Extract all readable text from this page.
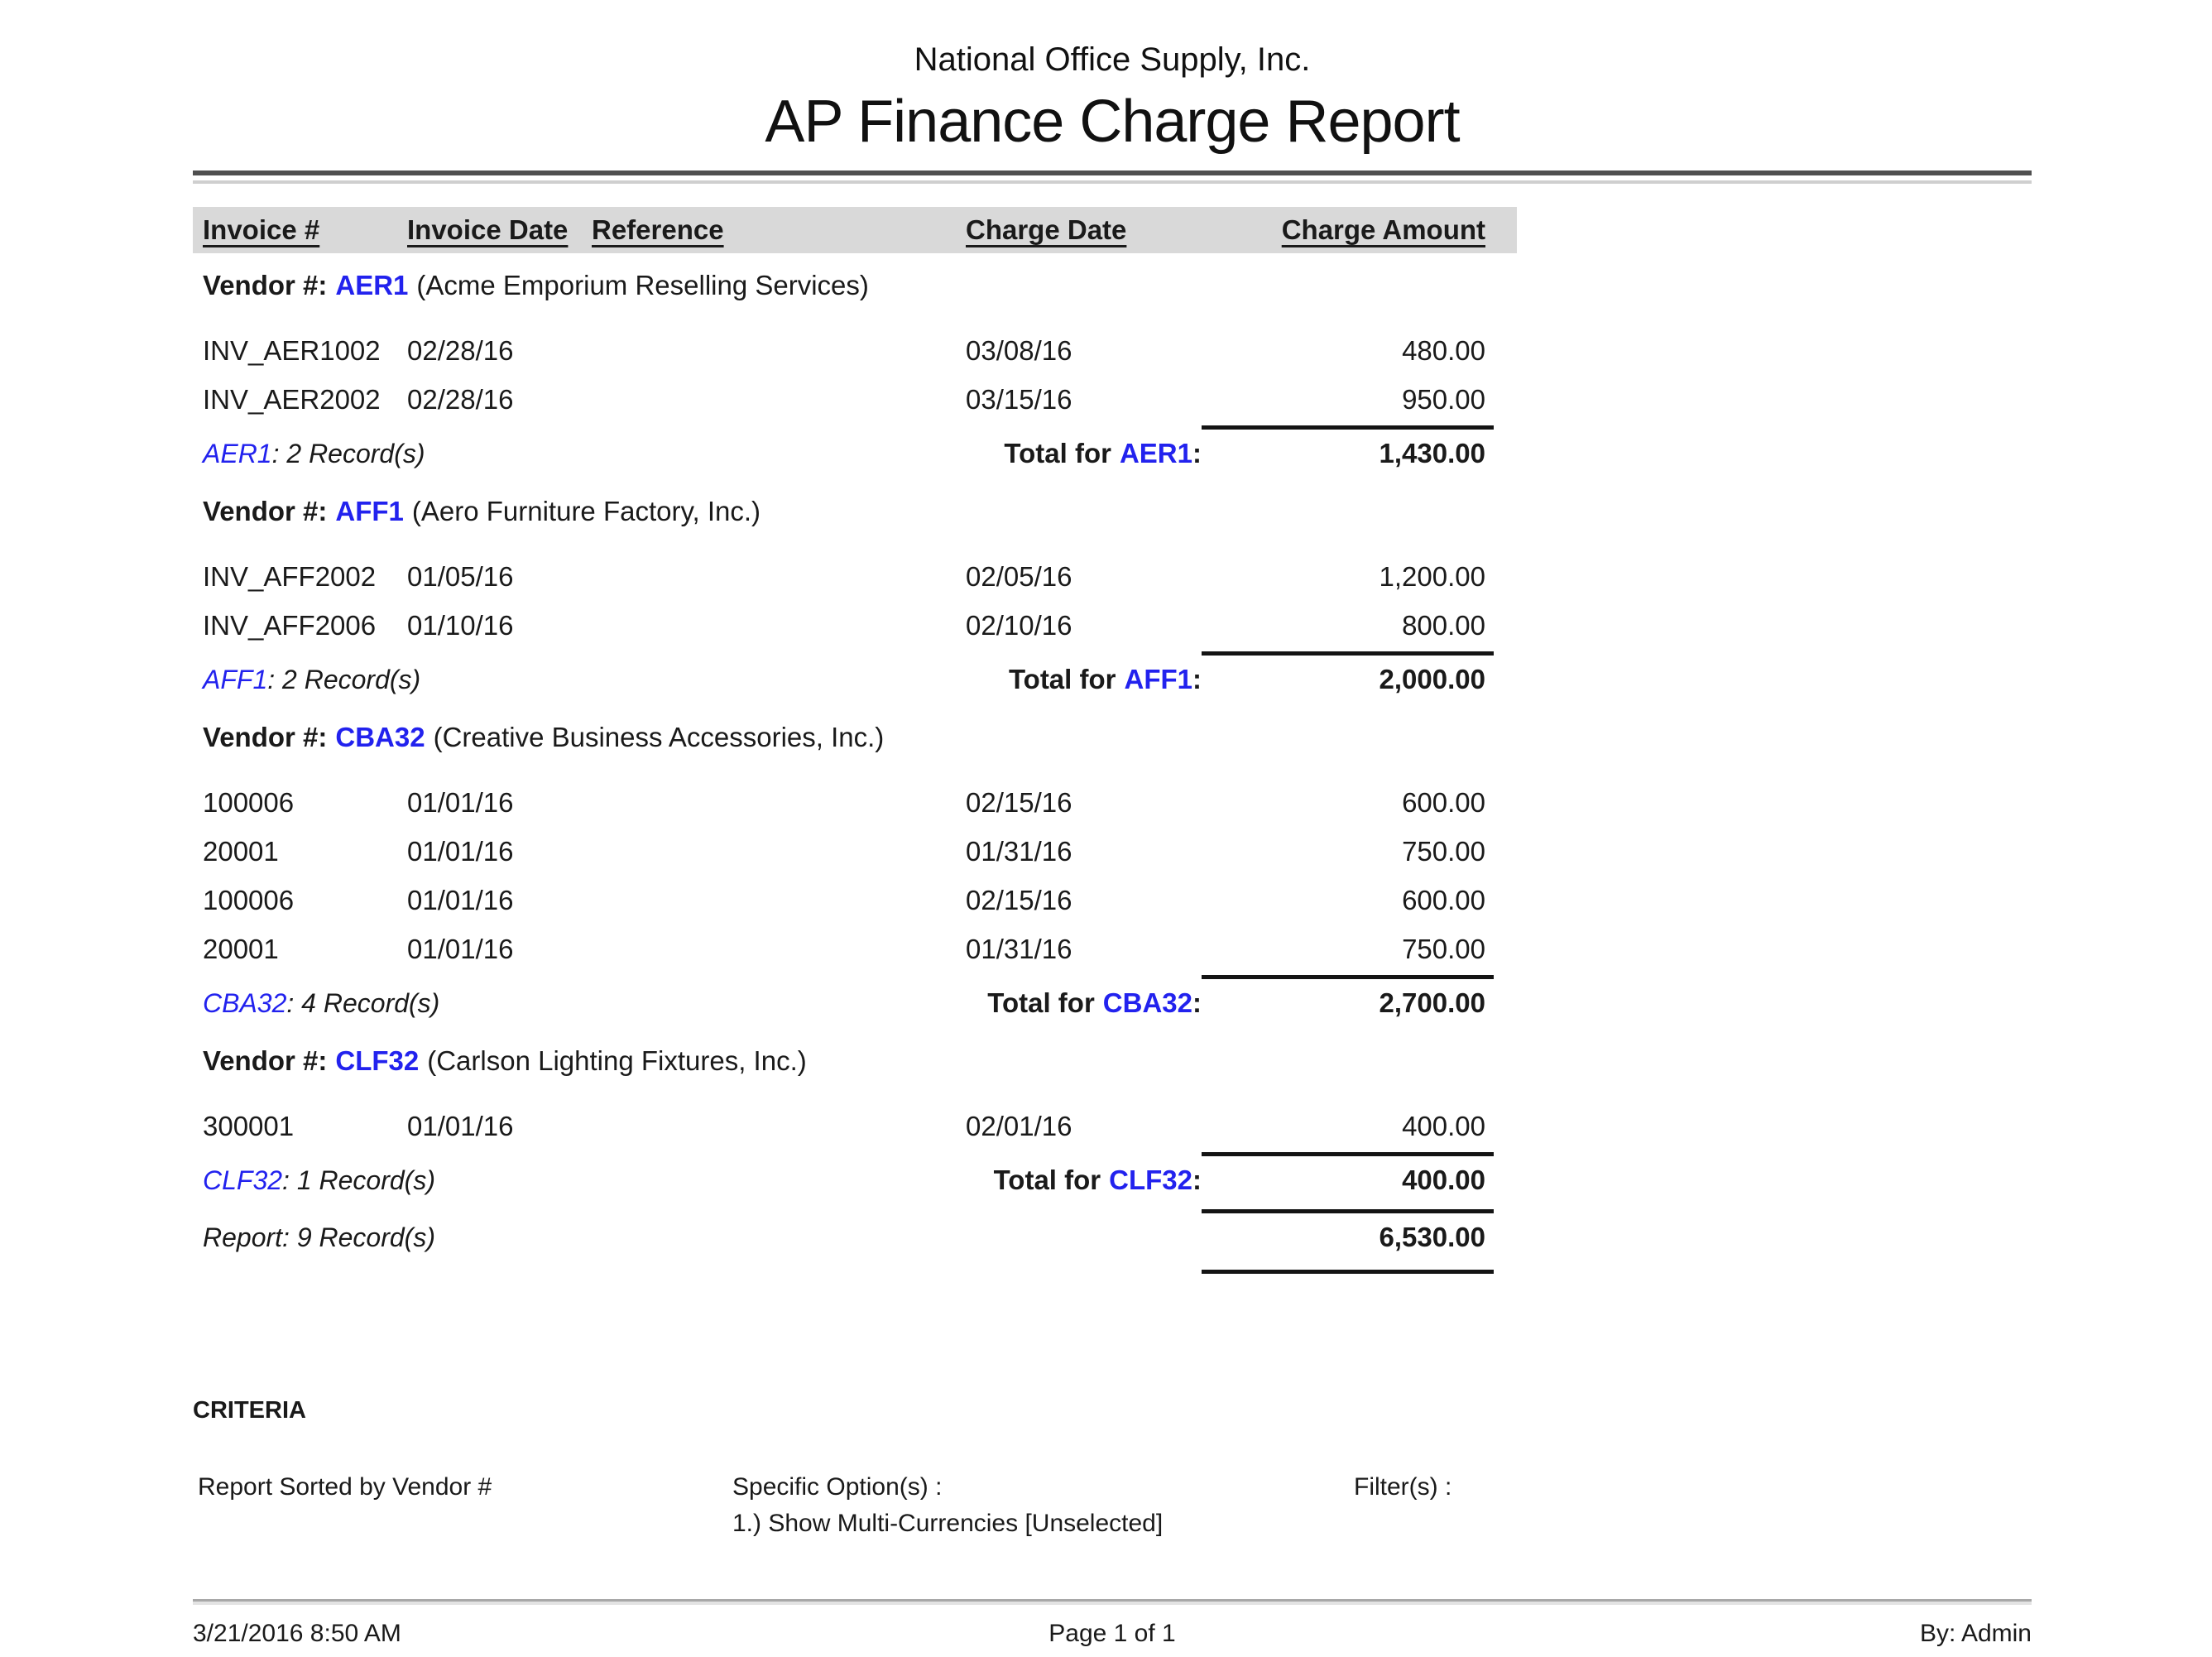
National Office Supply, Inc.
AP Finance Charge Report
Invoice #	Invoice Date Reference	Charge Date	Charge Amount
Vendor #: AER1 (Acme Emporium Reselling Services)
INV_AER1002 02/28/16	03/08/16	480.00
INV_AER2002 02/28/16	03/15/16	950.00
AER1: 2 Record(s)	Total for AER1:	1,430.00
Vendor #: AFF1 (Aero Furniture Factory, Inc.)
INV_AFF2002	01/05/16	02/05/16	1,200.00
INV_AFF2006	01/10/16	02/10/16	800.00
AFF1: 2 Record(s)	Total for AFF1:	2,000.00
Vendor #: CBA32 (Creative Business Accessories, Inc.)
100006	01/01/16	02/15/16	600.00
20001	01/01/16	01/31/16	750.00
100006	01/01/16	02/15/16	600.00
20001	01/01/16	01/31/16	750.00
CBA32: 4 Record(s)	Total for CBA32:	2,700.00
Vendor #: CLF32 (Carlson Lighting Fixtures, Inc.)
300001	01/01/16	02/01/16	400.00
CLF32: 1 Record(s)	Total for CLF32:	400.00
Report: 9 Record(s)	6,530.00
CRITERIA
Report Sorted by Vendor #	Specific Option(s) :
1.) Show Multi-Currencies [Unselected]
Filter(s) :
3/21/2016 8:50 AM	Page 1 of 1	By: Admin
